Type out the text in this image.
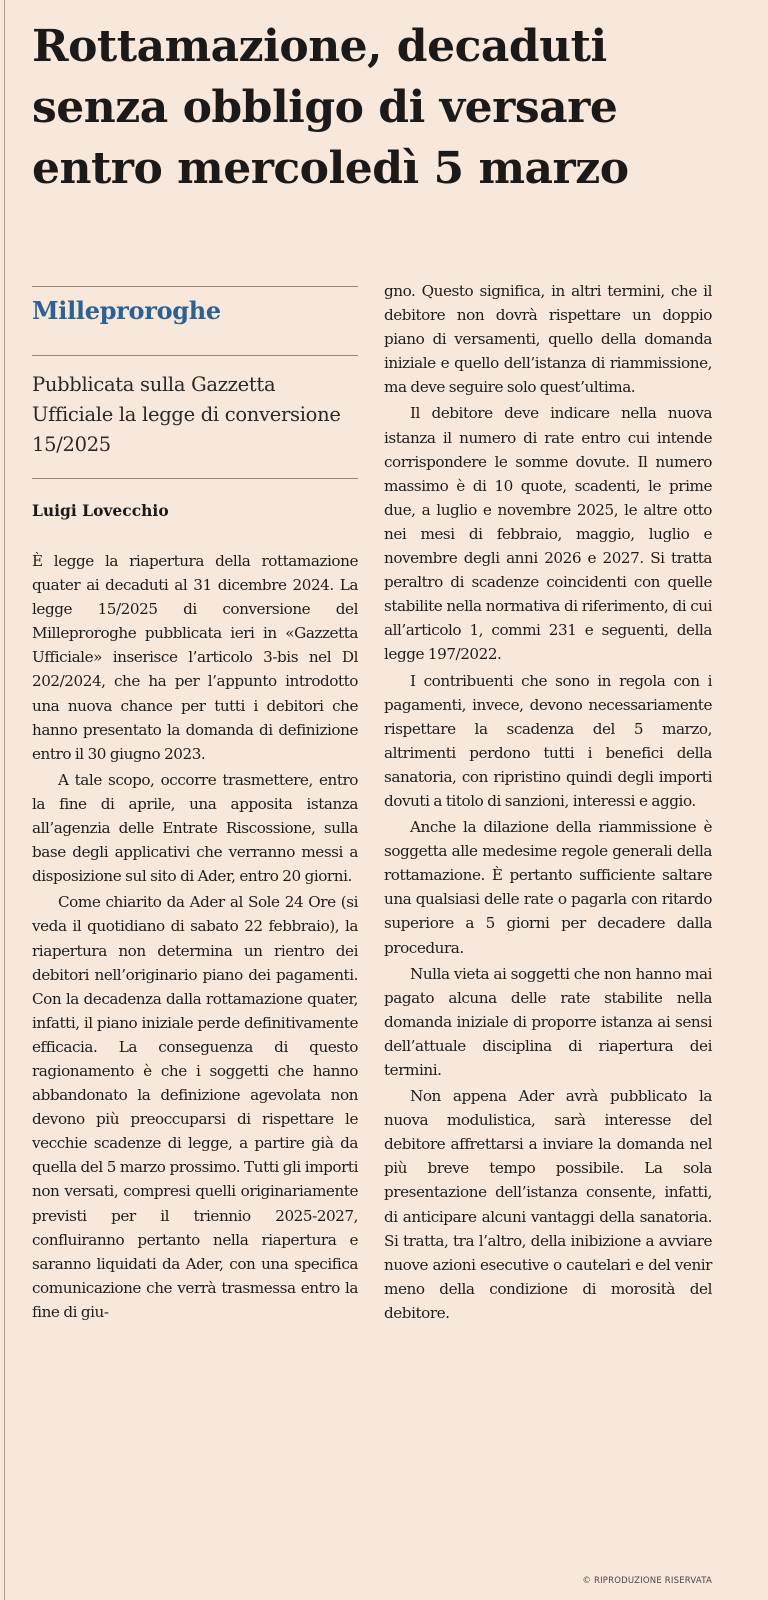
Rottamazione, decaduti senza obbligo di versare entro mercoledì 5 marzo
Milleproroghe
Pubblicata sulla Gazzetta Ufficiale la legge di conversione 15/2025
Luigi Lovecchio

È legge la riapertura della rottamazione quater ai decaduti al 31 dicembre 2024. La legge 15/2025 di conversione del Milleproroghe pubblicata ieri in «Gazzetta Ufficiale» inserisce l’articolo 3-bis nel Dl 202/2024, che ha per l’appunto introdotto una nuova chance per tutti i debitori che hanno presentato la domanda di definizione entro il 30 giugno 2023.

A tale scopo, occorre trasmettere, entro la fine di aprile, una apposita istanza all’agenzia delle Entrate Riscossione, sulla base degli applicativi che verranno messi a disposizione sul sito di Ader, entro 20 giorni.

Come chiarito da Ader al Sole 24 Ore (si veda il quotidiano di sabato 22 febbraio), la riapertura non determina un rientro dei debitori nell’originario piano dei pagamenti. Con la decadenza dalla rottamazione quater, infatti, il piano iniziale perde definitivamente efficacia. La conseguenza di questo ragionamento è che i soggetti che hanno abbandonato la definizione agevolata non devono più preoccuparsi di rispettare le vecchie scadenze di legge, a partire già da quella del 5 marzo prossimo. Tutti gli importi non versati, compresi quelli originariamente previsti per il triennio 2025-2027, confluiranno pertanto nella riapertura e saranno liquidati da Ader, con una specifica comunicazione che verrà trasmessa entro la fine di giu-

gno. Questo significa, in altri termini, che il debitore non dovrà rispettare un doppio piano di versamenti, quello della domanda iniziale e quello dell’istanza di riammissione, ma deve seguire solo quest’ultima.

Il debitore deve indicare nella nuova istanza il numero di rate entro cui intende corrispondere le somme dovute. Il numero massimo è di 10 quote, scadenti, le prime due, a luglio e novembre 2025, le altre otto nei mesi di febbraio, maggio, luglio e novembre degli anni 2026 e 2027. Si tratta peraltro di scadenze coincidenti con quelle stabilite nella normativa di riferimento, di cui all’articolo 1, commi 231 e seguenti, della legge 197/2022.

I contribuenti che sono in regola con i pagamenti, invece, devono necessariamente rispettare la scadenza del 5 marzo, altrimenti perdono tutti i benefici della sanatoria, con ripristino quindi degli importi dovuti a titolo di sanzioni, interessi e aggio.

Anche la dilazione della riammissione è soggetta alle medesime regole generali della rottamazione. È pertanto sufficiente saltare una qualsiasi delle rate o pagarla con ritardo superiore a 5 giorni per decadere dalla procedura.

Nulla vieta ai soggetti che non hanno mai pagato alcuna delle rate stabilite nella domanda iniziale di proporre istanza ai sensi dell’attuale disciplina di riapertura dei termini.

Non appena Ader avrà pubblicato la nuova modulistica, sarà interesse del debitore affrettarsi a inviare la domanda nel più breve tempo possibile. La sola presentazione dell’istanza consente, infatti, di anticipare alcuni vantaggi della sanatoria. Si tratta, tra l’altro, della inibizione a avviare nuove azioni esecutive o cautelari e del venir meno della condizione di morosità del debitore.

© RIPRODUZIONE RISERVATA
